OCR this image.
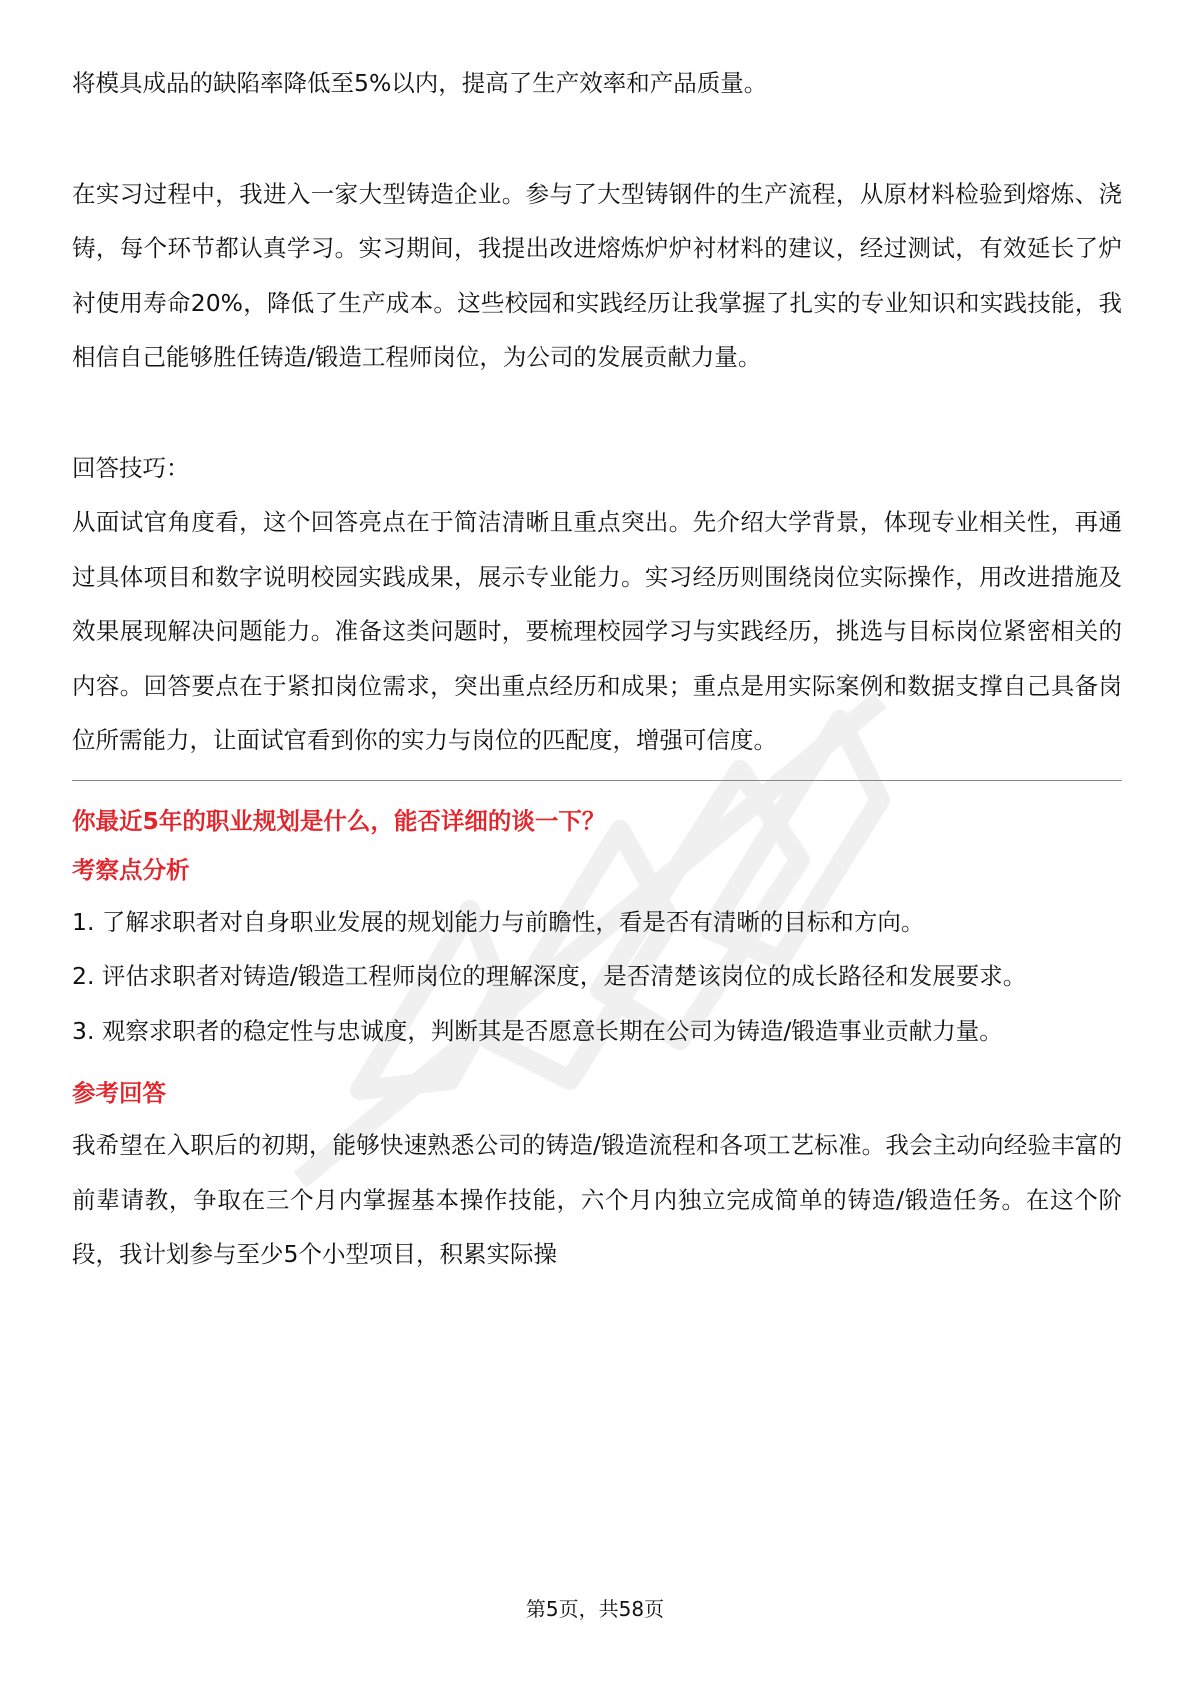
将模具成品的缺陷率降低至5%以内，提高了生产效率和产品质量。

在实习过程中，我进入一家大型铸造企业。参与了大型铸钢件的生产流程，从原材料检验到熔炼、浇铸，每个环节都认真学习。实习期间，我提出改进熔炼炉炉衬材料的建议，经过测试，有效延长了炉衬使用寿命20%，降低了生产成本。这些校园和实践经历让我掌握了扎实的专业知识和实践技能，我相信自己能够胜任铸造/锻造工程师岗位，为公司的发展贡献力量。

回答技巧：

从面试官角度看，这个回答亮点在于简洁清晰且重点突出。先介绍大学背景，体现专业相关性，再通过具体项目和数字说明校园实践成果，展示专业能力。实习经历则围绕岗位实际操作，用改进措施及效果展现解决问题能力。准备这类问题时，要梳理校园学习与实践经历，挑选与目标岗位紧密相关的内容。回答要点在于紧扣岗位需求，突出重点经历和成果；重点是用实际案例和数据支撑自己具备岗位所需能力，让面试官看到你的实力与岗位的匹配度，增强可信度。

你最近5年的职业规划是什么，能否详细的谈一下？
考察点分析

1. 了解求职者对自身职业发展的规划能力与前瞻性，看是否有清晰的目标和方向。

2. 评估求职者对铸造/锻造工程师岗位的理解深度，是否清楚该岗位的成长路径和发展要求。

3. 观察求职者的稳定性与忠诚度，判断其是否愿意长期在公司为铸造/锻造事业贡献力量。

参考回答

我希望在入职后的初期，能够快速熟悉公司的铸造/锻造流程和各项工艺标准。我会主动向经验丰富的前辈请教，争取在三个月内掌握基本操作技能，六个月内独立完成简单的铸造/锻造任务。在这个阶段，我计划参与至少5个小型项目，积累实际操

第5页，共58页
